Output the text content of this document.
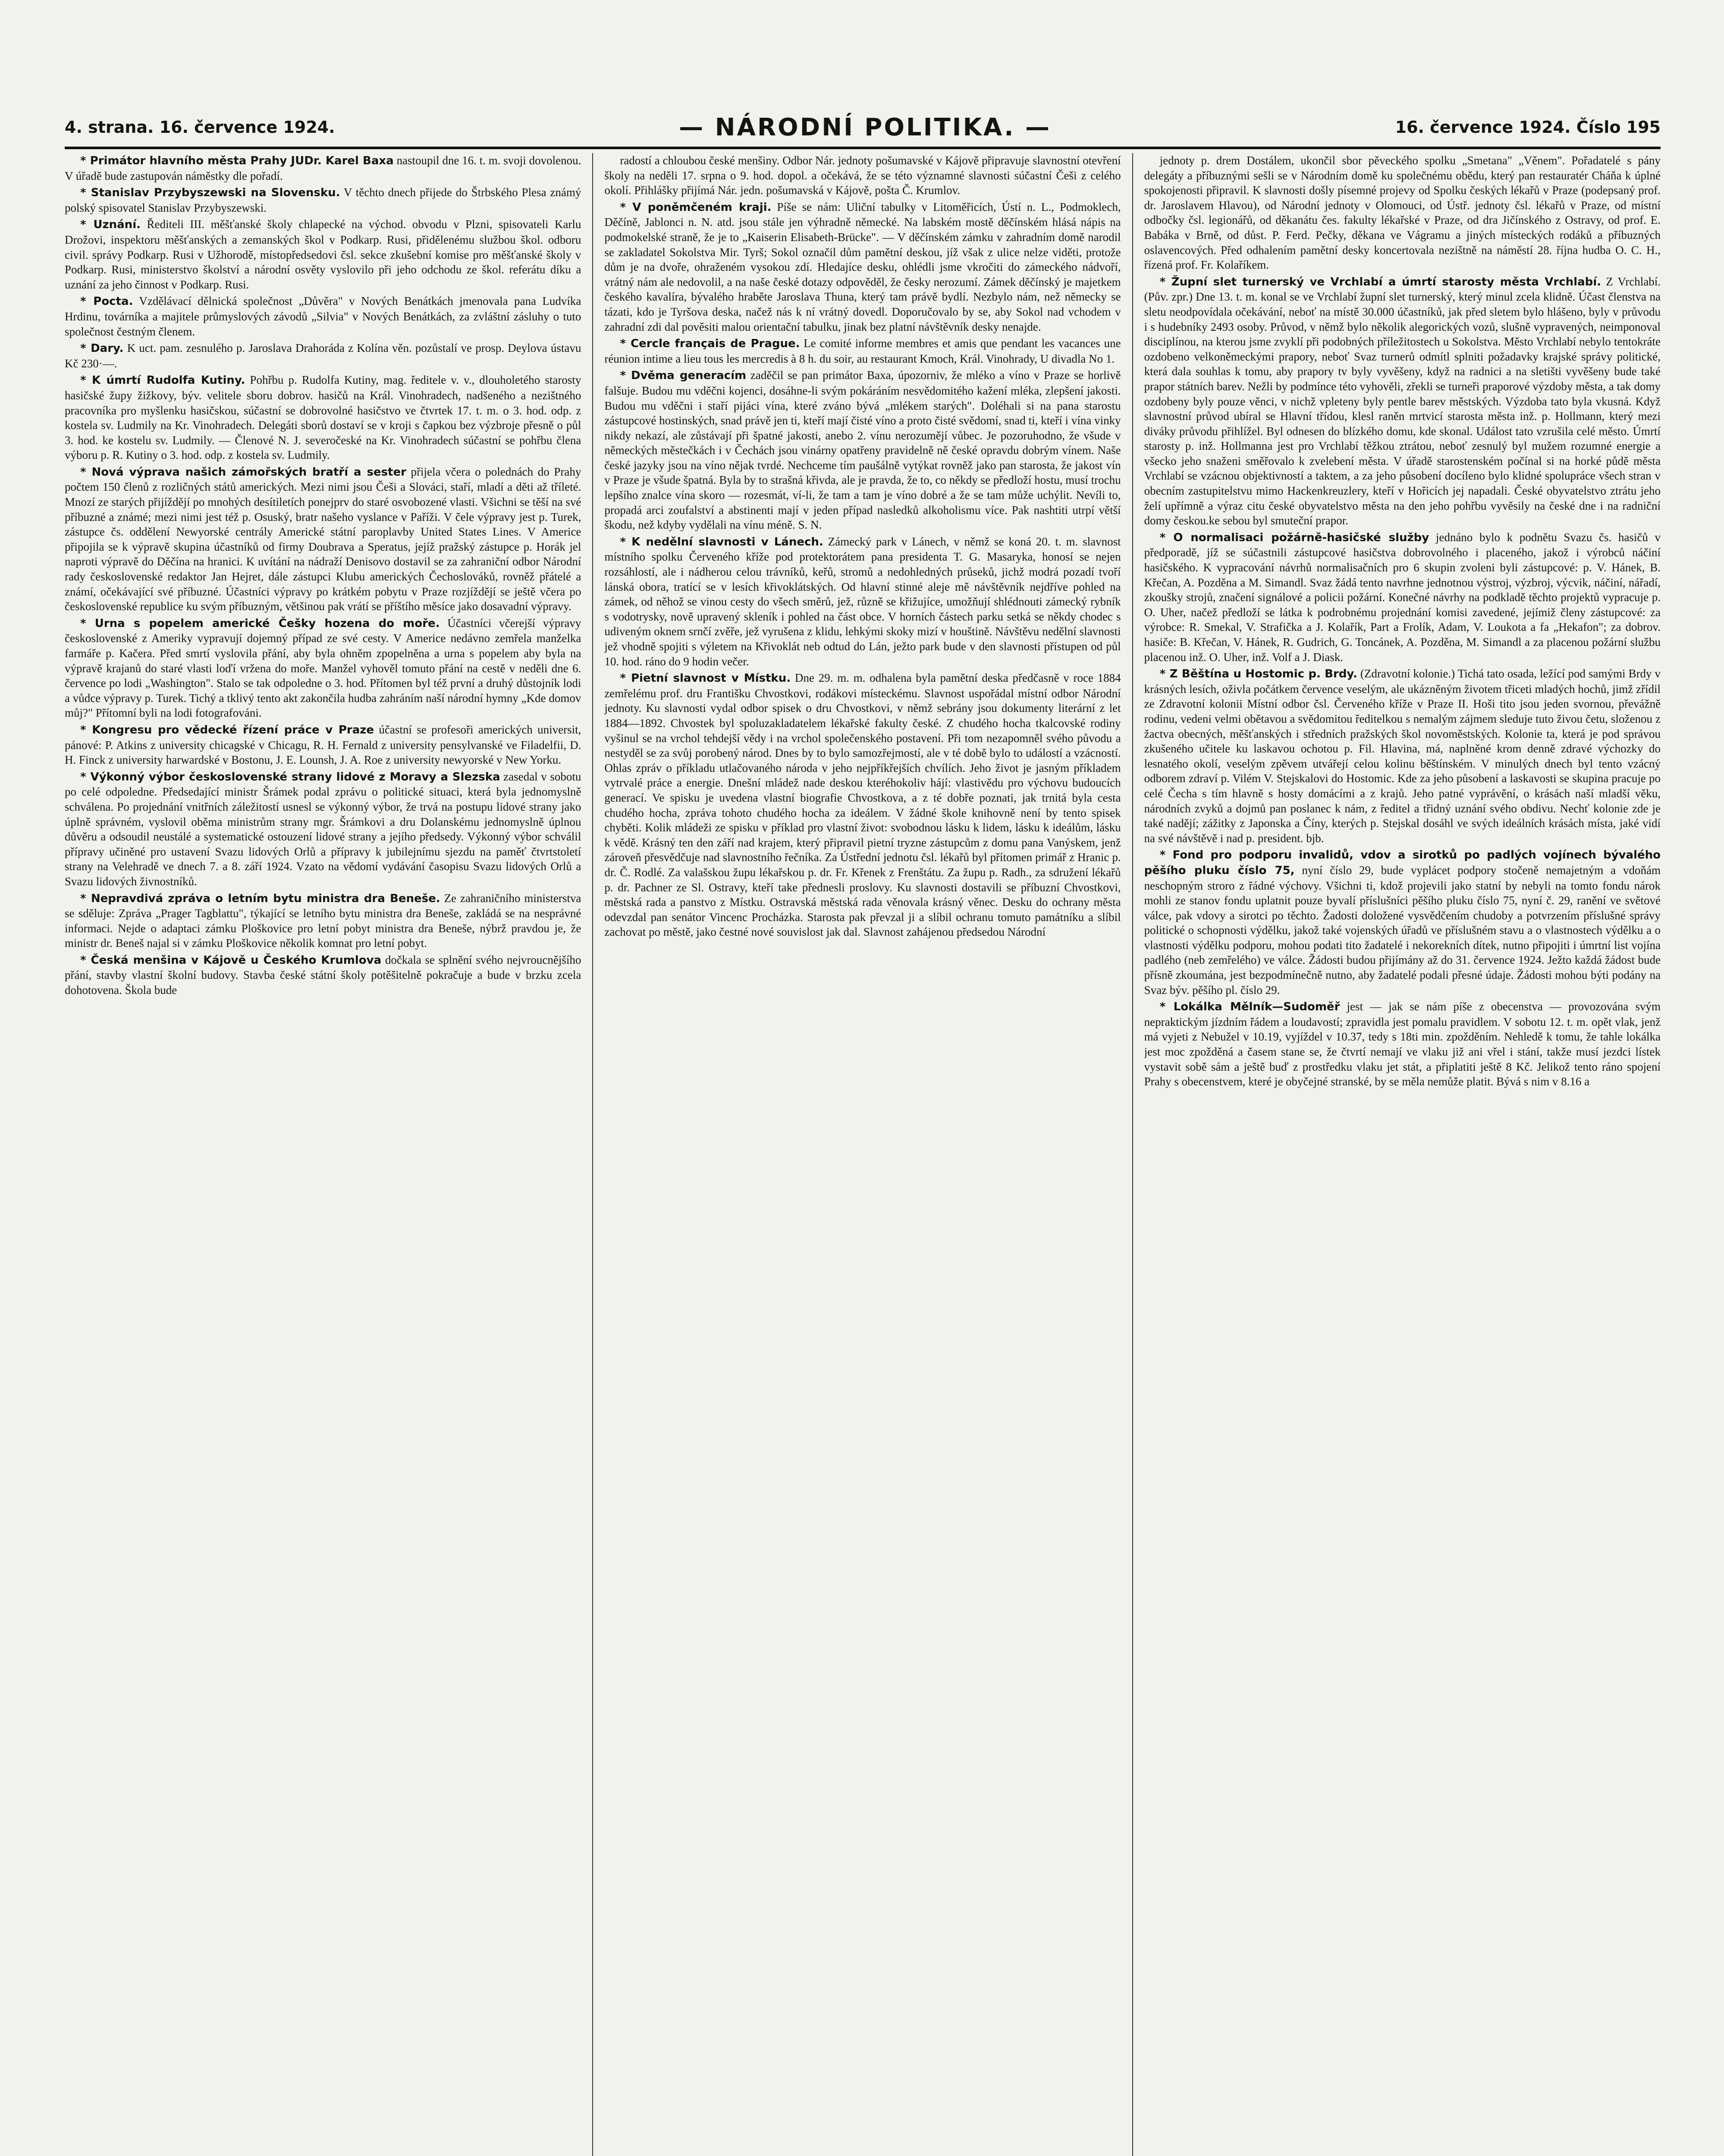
4. strana. 16. července 1924.	— NÁRODNÍ POLITIKA. —	16. července 1924. Číslo 195

* Primátor hlavního města Prahy JUDr. Karel Baxa nastoupil dne 16. t. m. svoji dovolenou. V úřadě bude zastupován náměstky dle pořadí.

* Stanislav Przybyszewski na Slovensku. V těchto dnech přijede do Štrbského Plesa známý polský spisovatel Stanislav Przybyszewski.

* Uznání. Řediteli III. měšťanské školy chlapecké na východ. obvodu v Plzni, spisovateli Karlu Drožovi, inspektoru měšťanských a zemanských škol v Podkarp. Rusi, přidělenému službou škol. odboru civil. správy Podkarp. Rusi v Užhorodě, místopředsedovi čsl. sekce zkušební komise pro měšťanské školy v Podkarp. Rusi, ministerstvo školství a národní osvěty vyslovilo při jeho odchodu ze škol. referátu díku a uznání za jeho činnost v Podkarp. Rusi.

* Pocta. Vzdělávací dělnická společnost „Důvěra" v Nových Benátkách jmenovala pana Ludvíka Hrdinu, továrníka a majitele průmyslových závodů „Silvia" v Nových Benátkách, za zvláštní zásluhy o tuto společnost čestným členem.

* Dary. K uct. pam. zesnulého p. Jaroslava Drahoráda z Kolína věn. pozůstalí ve prosp. Deylova ústavu Kč 230·—.

* K úmrtí Rudolfa Kutiny. Pohřbu p. Rudolfa Kutiny, mag. ředitele v. v., dlouholetého starosty hasičské župy žižkovy, býv. velitele sboru dobrov. hasičů na Král. Vinohradech, nadšeného a nezištného pracovníka pro myšlenku hasičskou, súčastní se dobrovolné hasičstvo ve čtvrtek 17. t. m. o 3. hod. odp. z kostela sv. Ludmily na Kr. Vinohradech. Delegáti sborů dostaví se v kroji s čapkou bez výzbroje přesně o půl 3. hod. ke kostelu sv. Ludmily. — Členové N. J. severočeské na Kr. Vinohradech súčastní se pohřbu člena výboru p. R. Kutiny o 3. hod. odp. z kostela sv. Ludmily.

* Nová výprava našich zámořských bratří a sester přijela včera o polednách do Prahy počtem 150 členů z rozličných států amerických. Mezi nimi jsou Češi a Slováci, staří, mladí a děti až tříleté. Mnozí ze starých přijíždějí po mnohých desítiletích ponejprv do staré osvobozené vlasti. Všichni se těší na své příbuzné a známé; mezi nimi jest též p. Osuský, bratr našeho vyslance v Paříži. V čele výpravy jest p. Turek, zástupce čs. oddělení Newyorské centrály Americké státní paroplavby United States Lines. V Americe připojila se k výpravě skupina účastníků od firmy Doubrava a Speratus, jejíž pražský zástupce p. Horák jel naproti výpravě do Děčína na hranici. K uvítání na nádraží Denisovo dostavil se za zahraniční odbor Národní rady československé redaktor Jan Hejret, dále zástupci Klubu amerických Čechoslováků, rovněž přátelé a známí, očekávající své příbuzné. Účastníci výpravy po krátkém pobytu v Praze rozjíždějí se ještě včera po československé republice ku svým příbuzným, většinou pak vrátí se příštího měsíce jako dosavadní výpravy.

* Urna s popelem americké Češky hozena do moře. Účastníci včerejší výpravy československé z Ameriky vypravují dojemný případ ze své cesty. V Americe nedávno zemřela manželka farmáře p. Kačera. Před smrtí vyslovila přání, aby byla ohněm zpopelněna a urna s popelem aby byla na výpravě krajanů do staré vlasti loďí vržena do moře. Manžel vyhověl tomuto přání na cestě v neděli dne 6. července po lodi „Washington". Stalo se tak odpoledne o 3. hod. Přítomen byl též první a druhý důstojník lodi a vůdce výpravy p. Turek. Tichý a tklivý tento akt zakončila hudba zahráním naší národní hymny „Kde domov můj?" Přítomní byli na lodi fotografováni.

* Kongresu pro vědecké řízení práce v Praze účastní se profesoři amerických universit, pánové: P. Atkins z university chicagské v Chicagu, R. H. Fernald z university pensylvanské ve Filadelfii, D. H. Finck z university harwardské v Bostonu, J. E. Lounsh, J. A. Roe z university newyorské v New Yorku.

* Výkonný výbor československé strany lidové z Moravy a Slezska zasedal v sobotu po celé odpoledne. Předsedající ministr Šrámek podal zprávu o politické situaci, která byla jednomyslně schválena. Po projednání vnitřních záležitostí usnesl se výkonný výbor, že trvá na postupu lidové strany jako úplně správném, vyslovil oběma ministrům strany mgr. Šrámkovi a dru Dolanskému jednomyslně úplnou důvěru a odsoudil neustálé a systematické ostouzení lidové strany a jejího předsedy. Výkonný výbor schválil přípravy učiněné pro ustavení Svazu lidových Orlů a přípravy k jubilejnímu sjezdu na paměť čtvrtstoletí strany na Velehradě ve dnech 7. a 8. září 1924. Vzato na vědomí vydávání časopisu Svazu lidových Orlů a Svazu lidových živnostníků.

* Nepravdivá zpráva o letním bytu ministra dra Beneše. Ze zahraničního ministerstva se sděluje: Zpráva „Prager Tagblattu", týkající se letního bytu ministra dra Beneše, zakládá se na nesprávné informaci. Nejde o adaptaci zámku Ploškovice pro letní pobyt ministra dra Beneše, nýbrž pravdou je, že ministr dr. Beneš najal si v zámku Ploškovice několik komnat pro letní pobyt.

* Česká menšina v Kájově u Českého Krumlova dočkala se splnění svého nejvroucnějšího přání, stavby vlastní školní budovy. Stavba české státní školy potěšitelně pokračuje a bude v brzku zcela dohotovena. Škola bude

radostí a chloubou české menšiny. Odbor Nár. jednoty pošumavské v Kájově připravuje slavnostní otevření školy na neděli 17. srpna o 9. hod. dopol. a očekává, že se této významné slavnosti súčastní Češi z celého okolí. Přihlášky přijímá Nár. jedn. pošumavská v Kájově, pošta Č. Krumlov.

* V poněmčeném kraji. Píše se nám: Uliční tabulky v Litoměřicích, Ústí n. L., Podmoklech, Děčíně, Jablonci n. N. atd. jsou stále jen výhradně německé. Na labském mostě děčínském hlásá nápis na podmokelské straně, že je to „Kaiserin Elisabeth-Brücke". — V děčínském zámku v zahradním domě narodil se zakladatel Sokolstva Mir. Tyrš; Sokol označil dům pamětní deskou, jíž však z ulice nelze viděti, protože dům je na dvoře, ohraženém vysokou zdí. Hledajíce desku, ohlédli jsme vkročiti do zámeckého nádvoří, vrátný nám ale nedovolil, a na naše české dotazy odpověděl, že česky nerozumí. Zámek děčínský je majetkem českého kavalíra, bývalého hraběte Jaroslava Thuna, který tam právě bydlí. Nezbylo nám, než německy se tázati, kdo je Tyršova deska, načež nás k ní vrátný dovedl. Doporučovalo by se, aby Sokol nad vchodem v zahradní zdi dal pověsiti malou orientační tabulku, jinak bez platní návštěvník desky nenajde.

* Cercle français de Prague. Le comité informe membres et amis que pendant les vacances une réunion intime a lieu tous les mercredis à 8 h. du soir, au restaurant Kmoch, Král. Vinohrady, U divadla No 1.

* Dvěma generacím zaděčil se pan primátor Baxa, úpozorniv, že mléko a víno v Praze se horlivě falšuje. Budou mu vděčni kojenci, dosáhne-li svým pokáráním nesvědomitého kažení mléka, zlepšení jakosti. Budou mu vděčni i staří pijáci vína, které zváno bývá „mlékem starých". Doléhali si na pana starostu zástupcové hostinských, snad právě jen ti, kteří mají čisté víno a proto čisté svědomí, snad ti, kteří i vína vinky nikdy nekazí, ale zůstávají při špatné jakosti, anebo 2. vínu nerozumějí vůbec. Je pozoruhodno, že všude v německých městečkách i v Čechách jsou vinárny opatřeny pravidelně ně české opravdu dobrým vínem. Naše české jazyky jsou na víno nějak tvrdé. Nechceme tím paušálně vytýkat rovněž jako pan starosta, že jakost vín v Praze je všude špatná. Byla by to strašná křivda, ale je pravda, že to, co někdy se předloží hostu, musí trochu lepšího znalce vína skoro — rozesmát, ví-li, že tam a tam je víno dobré a že se tam může uchýlit. Nevíli to, propadá arci zoufalství a abstinenti mají v jeden případ nasledků alkoholismu více. Pak nashtiti utrpí větší škodu, než kdyby vydělali na vínu méně. S. N.

* K nedělní slavnosti v Lánech. Zámecký park v Lánech, v němž se koná 20. t. m. slavnost místního spolku Červeného kříže pod protektorátem pana presidenta T. G. Masaryka, honosí se nejen rozsáhlostí, ale i nádherou celou trávníků, keřů, stromů a nedohledných průseků, jichž modrá pozadí tvoří lánská obora, tratící se v lesích křivoklátských. Od hlavní stinné aleje mě návštěvník nejdříve pohled na zámek, od něhož se vinou cesty do všech směrů, jež, různě se křižujíce, umožňují shlédnouti zámecký rybník s vodotrysky, nově upravený skleník i pohled na část obce. V horních částech parku setká se někdy chodec s udiveným oknem srnčí zvěře, jež vyrušena z klidu, lehkými skoky mizí v houštině. Návštěvu nedělní slavnosti jež vhodně spojiti s výletem na Křivoklát neb odtud do Lán, ježto park bude v den slavnosti přístupen od půl 10. hod. ráno do 9 hodin večer.

* Pietní slavnost v Místku. Dne 29. m. m. odhalena byla pamětní deska předčasně v roce 1884 zemřelému prof. dru Františku Chvostkovi, rodákovi místeckému. Slavnost uspořádal místní odbor Národní jednoty. Ku slavnosti vydal odbor spisek o dru Chvostkovi, v němž sebrány jsou dokumenty literární z let 1884—1892. Chvostek byl spoluzakladatelem lékařské fakulty české. Z chudého hocha tkalcovské rodiny vyšinul se na vrchol tehdejší vědy i na vrchol společenského postavení. Při tom nezapomněl svého původu a nestyděl se za svůj porobený národ. Dnes by to bylo samozřejmostí, ale v té době bylo to událostí a vzácností. Ohlas zpráv o příkladu utlačovaného národa v jeho nejpříkřejších chvílích. Jeho život je jasným příkladem vytrvalé práce a energie. Dnešní mládež nade deskou kteréhokoliv hájí: vlastivědu pro výchovu budoucích generací. Ve spisku je uvedena vlastní biografie Chvostkova, a z té dobře poznati, jak trnitá byla cesta chudého hocha, zpráva tohoto chudého hocha za ideálem. V žádné škole knihovně není by tento spisek chyběti. Kolik mládeži ze spisku v příklad pro vlastní život: svobodnou lásku k lidem, lásku k ideálům, lásku k vědě. Krásný ten den září nad krajem, který připravil pietní tryzne zástupcům z domu pana Vanýskem, jenž zároveň přesvědčuje nad slavnostního řečníka. Za Ústřední jednotu čsl. lékařů byl přítomen primář z Hranic p. dr. Č. Rodlé. Za valašskou župu lékařskou p. dr. Fr. Křenek z Frenštátu. Za župu p. Radh., za sdružení lékařů p. dr. Pachner ze Sl. Ostravy, kteří take přednesli proslovy. Ku slavnosti dostavili se příbuzní Chvostkovi, městská rada a panstvo z Místku. Ostravská městská rada věnovala krásný věnec. Desku do ochrany města odevzdal pan senátor Vincenc Procházka. Starosta pak převzal ji a slíbil ochranu tomuto památníku a slíbil zachovat po městě, jako čestné nové souvislost jak dal. Slavnost zahájenou předsedou Národní

jednoty p. drem Dostálem, ukončil sbor pěveckého spolku „Smetana" „Věnem". Pořadatelé s pány delegáty a příbuznými sešli se v Národním domě ku společnému obědu, který pan restauratér Cháňa k úplné spokojenosti připravil. K slavnosti došly písemné projevy od Spolku českých lékařů v Praze (podepsaný prof. dr. Jaroslavem Hlavou), od Národní jednoty v Olomouci, od Ústř. jednoty čsl. lékařů v Praze, od místní odbočky čsl. legionářů, od děkanátu čes. fakulty lékařské v Praze, od dra Jičínského z Ostravy, od prof. E. Babáka v Brně, od důst. P. Ferd. Pečky, děkana ve Vágramu a jiných místeckých rodáků a příbuzných oslavencových. Před odhalením pamětní desky koncertovala nezištně na náměstí 28. října hudba O. C. H., řízená prof. Fr. Kolaříkem.

* Župní slet turnerský ve Vrchlabí a úmrtí starosty města Vrchlabí. Z Vrchlabí. (Pův. zpr.) Dne 13. t. m. konal se ve Vrchlabí župní slet turnerský, který minul zcela klidně. Účast členstva na sletu neodpovídala očekávání, neboť na místě 30.000 účastníků, jak před sletem bylo hlášeno, byly v průvodu i s hudebníky 2493 osoby. Průvod, v němž bylo několik alegorických vozů, slušně vypravených, neimponoval disciplínou, na kterou jsme zvyklí při podobných příležitostech u Sokolstva. Město Vrchlabí nebylo tentokráte ozdobeno velkoněmeckými prapory, neboť Svaz turnerů odmítl splniti požadavky krajské správy politické, která dala souhlas k tomu, aby prapory tv byly vyvěšeny, když na radnici a na sletišti vyvěšeny bude také prapor státních barev. Nežli by podmínce této vyhověli, zřekli se turneři praporové výzdoby města, a tak domy ozdobeny byly pouze věnci, v nichž vpleteny byly pentle barev městských. Výzdoba tato byla vkusná. Když slavnostní průvod ubíral se Hlavní třídou, klesl raněn mrtvicí starosta města inž. p. Hollmann, který mezi diváky průvodu přihlížel. Byl odnesen do blízkého domu, kde skonal. Událost tato vzrušila celé město. Úmrtí starosty p. inž. Hollmanna jest pro Vrchlabí těžkou ztrátou, neboť zesnulý byl mužem rozumné energie a všecko jeho snaženi směřovalo k zvelebení města. V úřadě starostenském počínal si na horké půdě města Vrchlabí se vzácnou objektivností a taktem, a za jeho působení docíleno bylo klidné spolupráce všech stran v obecním zastupitelstvu mimo Hackenkreuzlery, kteří v Hořicích jej napadali. České obyvatelstvo ztrátu jeho želí upřímně a výraz citu české obyvatelstvo města na den jeho pohřbu vyvěsily na české dne i na radniční domy českou.ke sebou byl smuteční prapor.

* O normalisaci požárně-hasičské služby jednáno bylo k podnětu Svazu čs. hasičů v předporadě, jíž se súčastnili zástupcové hasičstva dobrovolného i placeného, jakož i výrobců náčiní hasičského. K vypracování návrhů normalisačních pro 6 skupin zvoleni byli zástupcové: p. V. Hánek, B. Křečan, A. Pozděna a M. Simandl. Svaz žádá tento navrhne jednotnou výstroj, výzbroj, výcvik, náčiní, nářadí, zkoušky strojů, značení signálové a policii požární. Konečné návrhy na podkladě těchto projektů vypracuje p. O. Uher, načež předloží se látka k podrobnému projednání komisi zavedené, jejímiž členy zástupcové: za výrobce: R. Smekal, V. Strafička a J. Kolařík, Part a Frolík, Adam, V. Loukota a fa „Hekafon"; za dobrov. hasiče: B. Křečan, V. Hánek, R. Gudrich, G. Toncánek, A. Pozděna, M. Simandl a za placenou požární službu placenou inž. O. Uher, inž. Volf a J. Diask.

* Z Běštína u Hostomic p. Brdy. (Zdravotní kolonie.) Tichá tato osada, ležící pod samými Brdy v krásných lesích, oživla počátkem července veselým, ale ukázněným životem třiceti mladých hochů, jimž zřídil ze Zdravotní kolonii Místní odbor čsl. Červeného kříže v Praze II. Hoši tito jsou jeden svornou, převážně rodinu, vedeni velmi obětavou a svědomitou ředitelkou s nemalým zájmem sleduje tuto živou četu, složenou z žactva obecných, měšťanských i středních pražských škol novoměstských. Kolonie ta, která je pod správou zkušeného učitele ku laskavou ochotou p. Fil. Hlavina, má, naplněné krom denně zdravé výchozky do lesnatého okolí, veselým zpěvem utvářejí celou kolinu běštínském. V minulých dnech byl tento vzácný odborem zdraví p. Vilém V. Stejskalovi do Hostomic. Kde za jeho působení a laskavosti se skupina pracuje po celé Čecha s tím hlavně s hosty domácími a z krajů. Jeho patné vyprávění, o krásách naší mladší věku, národních zvyků a dojmů pan poslanec k nám, z ředitel a třidný uznání svého obdivu. Nechť kolonie zde je také nadějí; zážitky z Japonska a Číny, kterých p. Stejskal dosáhl ve svých ideálních krásách místa, jaké vidí na své návštěvě i nad p. president. bjb.

* Fond pro podporu invalidů, vdov a sirotků po padlých vojínech bývalého pěšího pluku číslo 75, nyní číslo 29, bude vyplácet podpory stočeně nemajetným a vdoňám neschopným stroro z řádné výchovy. Všichni ti, kdož projevili jako statní by nebyli na tomto fondu nárok mohli ze stanov fondu uplatnit pouze byvalí příslušníci pěšího pluku číslo 75, nyní č. 29, ranění ve světové válce, pak vdovy a sirotci po těchto. Žadosti doložené vysvědčením chudoby a potvrzením příslušné správy politické o schopnosti výdělku, jakož také vojenských úřadů ve příslušném stavu a o vlastnostech výdělku a o vlastnosti výdělku podporu, mohou podati tito žadatelé i nekorekních dítek, nutno připojiti i úmrtní list vojína padlého (neb zemřelého) ve válce. Žádosti budou přijímány až do 31. července 1924. Ježto každá žádost bude přísně zkoumána, jest bezpodmínečně nutno, aby žadatelé podali přesné údaje. Žádosti mohou býti podány na Svaz býv. pěšího pl. číslo 29.

* Lokálka Mělník—Sudoměř jest — jak se nám píše z obecenstva — provozována svým nepraktickým jízdním řádem a loudavostí; zpravidla jest pomalu pravidlem. V sobotu 12. t. m. opět vlak, jenž má vyjeti z Nebužel v 10.19, vyjíždel v 10.37, tedy s 18ti min. zpožděním. Nehledě k tomu, že tahle lokálka jest moc zpožděná a časem stane se, že čtvrtí nemají ve vlaku již ani vřel i stání, takže musí jezdci lístek vystavit sobě sám a ještě buď z prostředku vlaku jet stát, a připlatiti ještě 8 Kč. Jelikož tento ráno spojení Prahy s obecenstvem, které je obyčejné stranské, by se měla nemůže platit. Bývá s nim v 8.16 a
